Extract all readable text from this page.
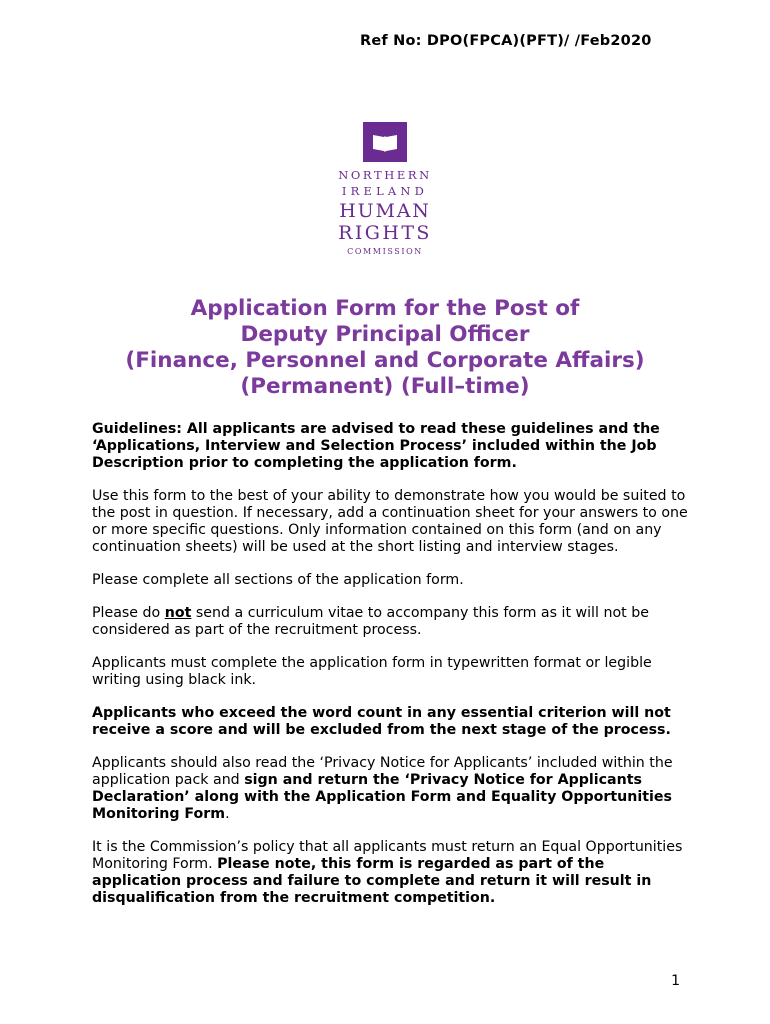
Ref No: DPO(FPCA)(PFT)/ /Feb2020
NORTHERN
IRELAND
HUMAN
RIGHTS
COMMISSION
Application Form for the Post of
Deputy Principal Officer
(Finance, Personnel and Corporate Affairs)
(Permanent) (Full–time)

Guidelines: All applicants are advised to read these guidelines and the ‘Applications, Interview and Selection Process’ included within the Job Description prior to completing the application form.

Use this form to the best of your ability to demonstrate how you would be suited to the post in question. If necessary, add a continuation sheet for your answers to one or more specific questions. Only information contained on this form (and on any continuation sheets) will be used at the short listing and interview stages.

Please complete all sections of the application form.

Please do not send a curriculum vitae to accompany this form as it will not be considered as part of the recruitment process.

Applicants must complete the application form in typewritten format or legible writing using black ink.

Applicants who exceed the word count in any essential criterion will not receive a score and will be excluded from the next stage of the process.

Applicants should also read the ‘Privacy Notice for Applicants’ included within the application pack and sign and return the ‘Privacy Notice for Applicants Declaration’ along with the Application Form and Equality Opportunities Monitoring Form.

It is the Commission’s policy that all applicants must return an Equal Opportunities Monitoring Form. Please note, this form is regarded as part of the application process and failure to complete and return it will result in disqualification from the recruitment competition.

1
